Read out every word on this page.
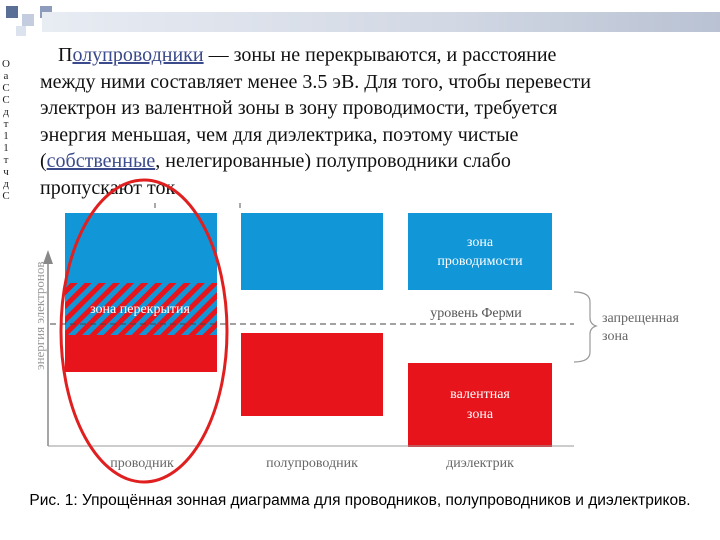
О
а
С
С
д
т
1
1
т
ч
д
С

Полупроводники — зоны не перекрываются, и расстояние
между ними составляет менее 3.5 эВ. Для того, чтобы перевести
электрон из валентной зоны в зону проводимости, требуется
энергия меньшая, чем для диэлектрика, поэтому чистые
(собственные, нелегированные) полупроводники слабо
пропускают ток.

энергия электронов	зона перекрытия
зона
проводимости
валентная
зона
уровень Ферми	запрещенная
зона
проводник	полупроводник	диэлектрик
Рис. 1: Упрощённая зонная диаграмма для проводников, полупроводников и диэлектриков.
